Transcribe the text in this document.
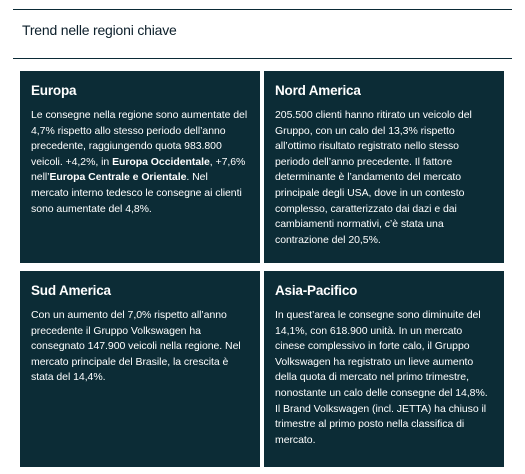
Trend nelle regioni chiave
Europa

Le consegne nella regione sono aumentate del 4,7% rispetto allo stesso periodo dell’anno precedente, raggiungendo quota 983.800 veicoli. +4,2%, in Europa Occidentale, +7,6% nell’Europa Centrale e Orientale. Nel mercato interno tedesco le consegne ai clienti sono aumentate del 4,8%.

Nord America

205.500 clienti hanno ritirato un veicolo del Gruppo, con un calo del 13,3% rispetto all’ottimo risultato registrato nello stesso periodo dell’anno precedente. Il fattore determinante è l’andamento del mercato principale degli USA, dove in un contesto complesso, caratterizzato dai dazi e dai cambiamenti normativi, c’è stata una contrazione del 20,5%.

Sud America

Con un aumento del 7,0% rispetto all’anno precedente il Gruppo Volkswagen ha consegnato 147.900 veicoli nella regione. Nel mercato principale del Brasile, la crescita è stata del 14,4%.

Asia-Pacifico

In quest’area le consegne sono diminuite del 14,1%, con 618.900 unità. In un mercato cinese complessivo in forte calo, il Gruppo Volkswagen ha registrato un lieve aumento della quota di mercato nel primo trimestre, nonostante un calo delle consegne del 14,8%. Il Brand Volkswagen (incl. JETTA) ha chiuso il trimestre al primo posto nella classifica di mercato.
